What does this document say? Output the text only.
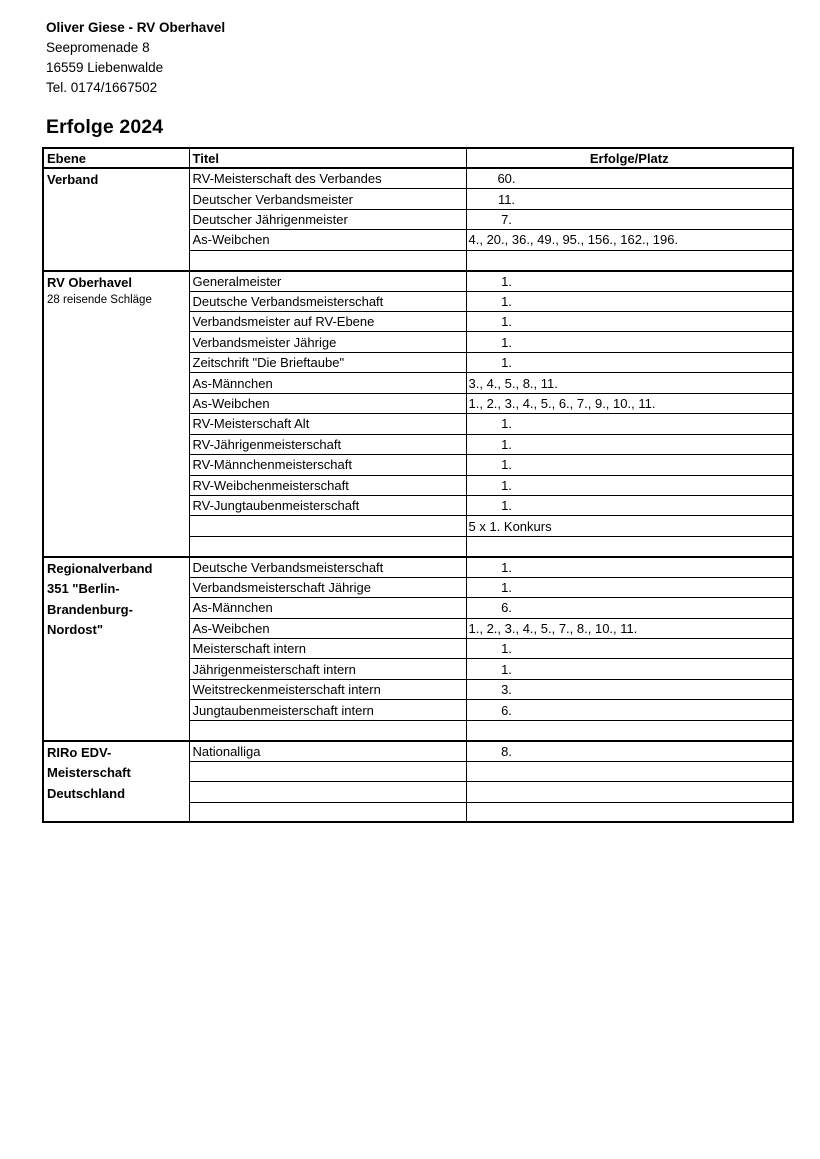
Oliver Giese - RV Oberhavel
Seepromenade 8
16559 Liebenwalde
Tel. 0174/1667502
Erfolge 2024
Ebene	Titel	Erfolge/Platz

Verband	RV-Meisterschaft des Verbandes	60.
	Deutscher Verbandsmeister	11.
	Deutscher Jährigenmeister	7.
	As-Weibchen	4., 20., 36., 49., 95., 156., 162., 196.

RV Oberhavel
28 reisende Schläge	Generalmeister	1.
	Deutsche Verbandsmeisterschaft	1.
	Verbandsmeister auf RV-Ebene	1.
	Verbandsmeister Jährige	1.
	Zeitschrift "Die Brieftaube"	1.
	As-Männchen	3., 4., 5., 8., 11.
	As-Weibchen	1., 2., 3., 4., 5., 6., 7., 9., 10., 11.
	RV-Meisterschaft Alt	1.
	RV-Jährigenmeisterschaft	1.
	RV-Männchenmeisterschaft	1.
	RV-Weibchenmeisterschaft	1.
	RV-Jungtaubenmeisterschaft	1.
		5 x 1. Konkurs

Regionalverband
351 "Berlin-
Brandenburg-
Nordost"	Deutsche Verbandsmeisterschaft	1.
	Verbandsmeisterschaft Jährige	1.
	As-Männchen	6.
	As-Weibchen	1., 2., 3., 4., 5., 7., 8., 10., 11.
	Meisterschaft intern	1.
	Jährigenmeisterschaft intern	1.
	Weitstreckenmeisterschaft intern	3.
	Jungtaubenmeisterschaft intern	6.

RIRo EDV-
Meisterschaft
Deutschland	Nationalliga	8.
